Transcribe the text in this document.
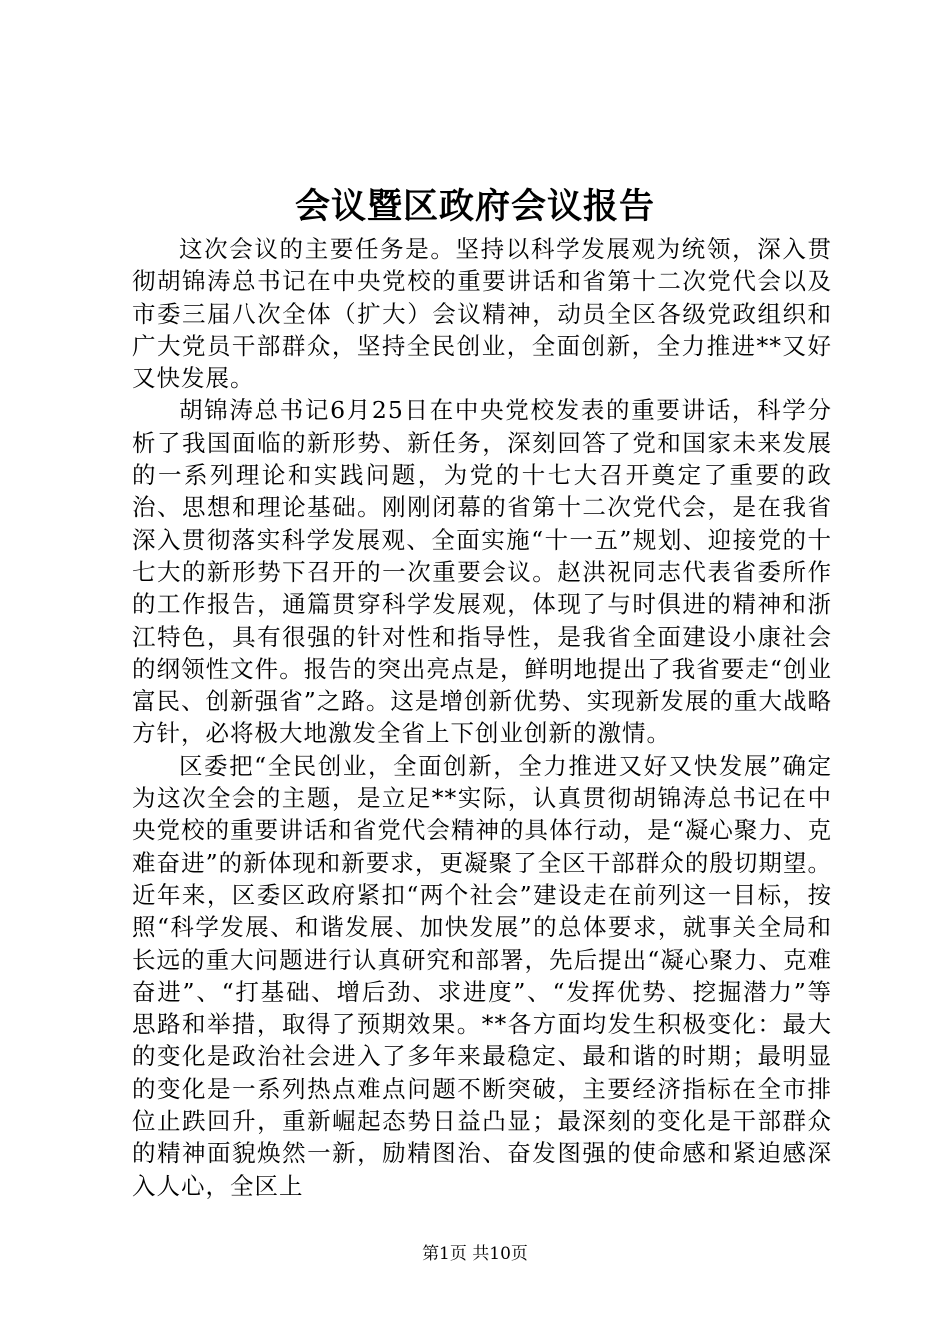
会议暨区政府会议报告

这次会议的主要任务是。坚持以科学发展观为统领，深入贯彻胡锦涛总书记在中央党校的重要讲话和省第十二次党代会以及市委三届八次全体（扩大）会议精神，动员全区各级党政组织和广大党员干部群众，坚持全民创业，全面创新，全力推进**又好又快发展。

胡锦涛总书记6月25日在中央党校发表的重要讲话，科学分析了我国面临的新形势、新任务，深刻回答了党和国家未来发展的一系列理论和实践问题，为党的十七大召开奠定了重要的政治、思想和理论基础。刚刚闭幕的省第十二次党代会，是在我省深入贯彻落实科学发展观、全面实施“十一五”规划、迎接党的十七大的新形势下召开的一次重要会议。赵洪祝同志代表省委所作的工作报告，通篇贯穿科学发展观，体现了与时俱进的精神和浙江特色，具有很强的针对性和指导性，是我省全面建设小康社会的纲领性文件。报告的突出亮点是，鲜明地提出了我省要走“创业富民、创新强省”之路。这是增创新优势、实现新发展的重大战略方针，必将极大地激发全省上下创业创新的激情。

区委把“全民创业，全面创新，全力推进又好又快发展”确定为这次全会的主题，是立足**实际，认真贯彻胡锦涛总书记在中央党校的重要讲话和省党代会精神的具体行动，是“凝心聚力、克难奋进”的新体现和新要求，更凝聚了全区干部群众的殷切期望。近年来，区委区政府紧扣“两个社会”建设走在前列这一目标，按照“科学发展、和谐发展、加快发展”的总体要求，就事关全局和长远的重大问题进行认真研究和部署，先后提出“凝心聚力、克难奋进”、“打基础、增后劲、求进度”、“发挥优势、挖掘潜力”等思路和举措，取得了预期效果。**各方面均发生积极变化：最大的变化是政治社会进入了多年来最稳定、最和谐的时期；最明显的变化是一系列热点难点问题不断突破，主要经济指标在全市排位止跌回升，重新崛起态势日益凸显；最深刻的变化是干部群众的精神面貌焕然一新，励精图治、奋发图强的使命感和紧迫感深入人心，全区上

第1页 共10页
